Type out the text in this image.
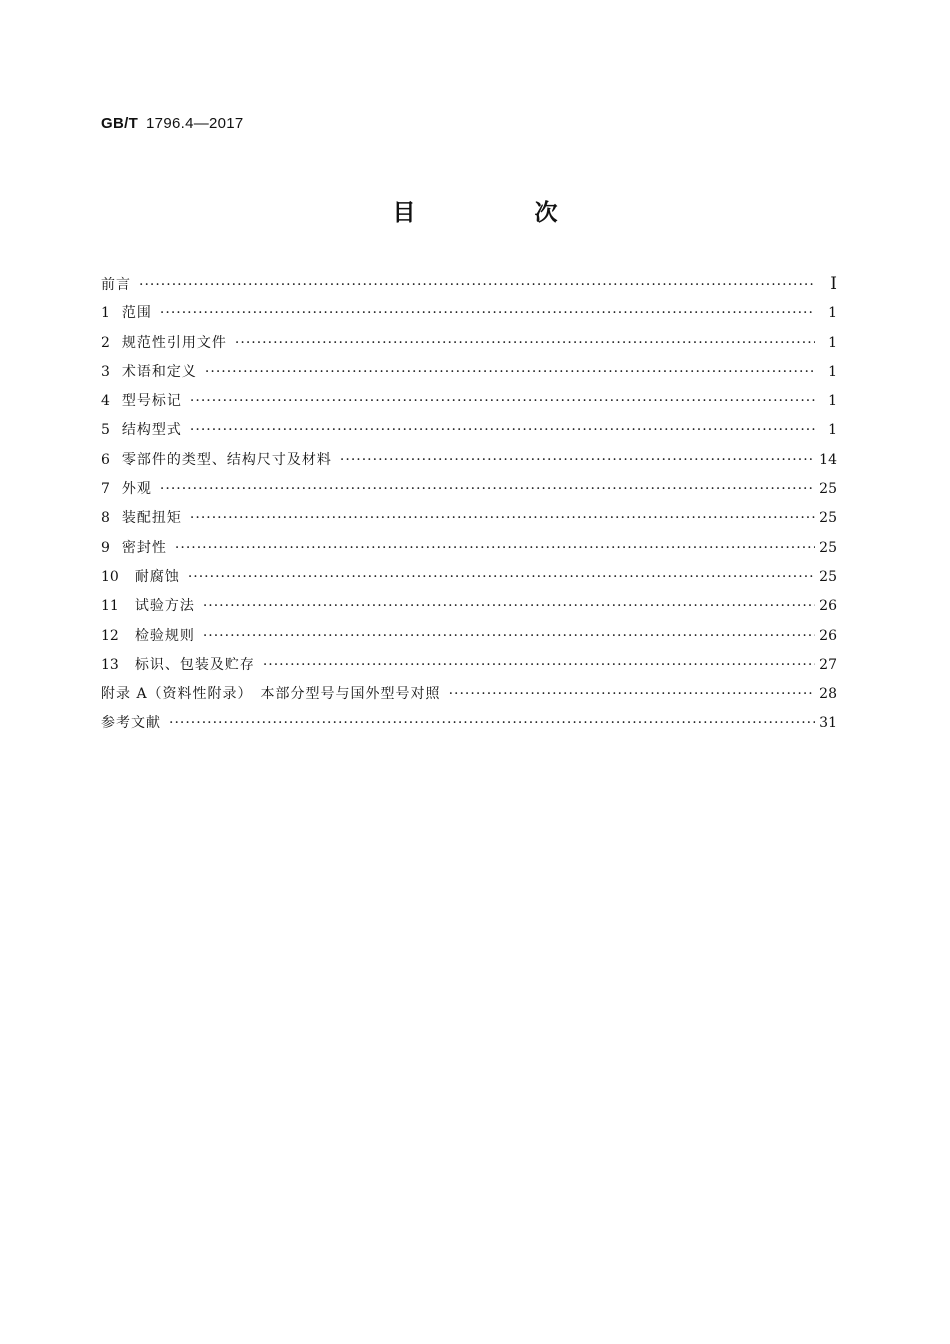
GB/T 1796.4—2017
目　次
前言 ·····	I
1 范围 ·····	1
2 规范性引用文件 ·····	1
3 术语和定义 ·····	1
4 型号标记 ·····	1
5 结构型式 ·····	1
6 零部件的类型、结构尺寸及材料 ·····	14
7 外观 ·····	25
8 装配扭矩 ·····	25
9 密封性 ·····	25
10 耐腐蚀 ·····	25
11 试验方法 ·····	26
12 检验规则 ·····	26
13 标识、包装及贮存 ·····	27
附录 A（资料性附录）　本部分型号与国外型号对照 ·····	28
参考文献 ·····	31
